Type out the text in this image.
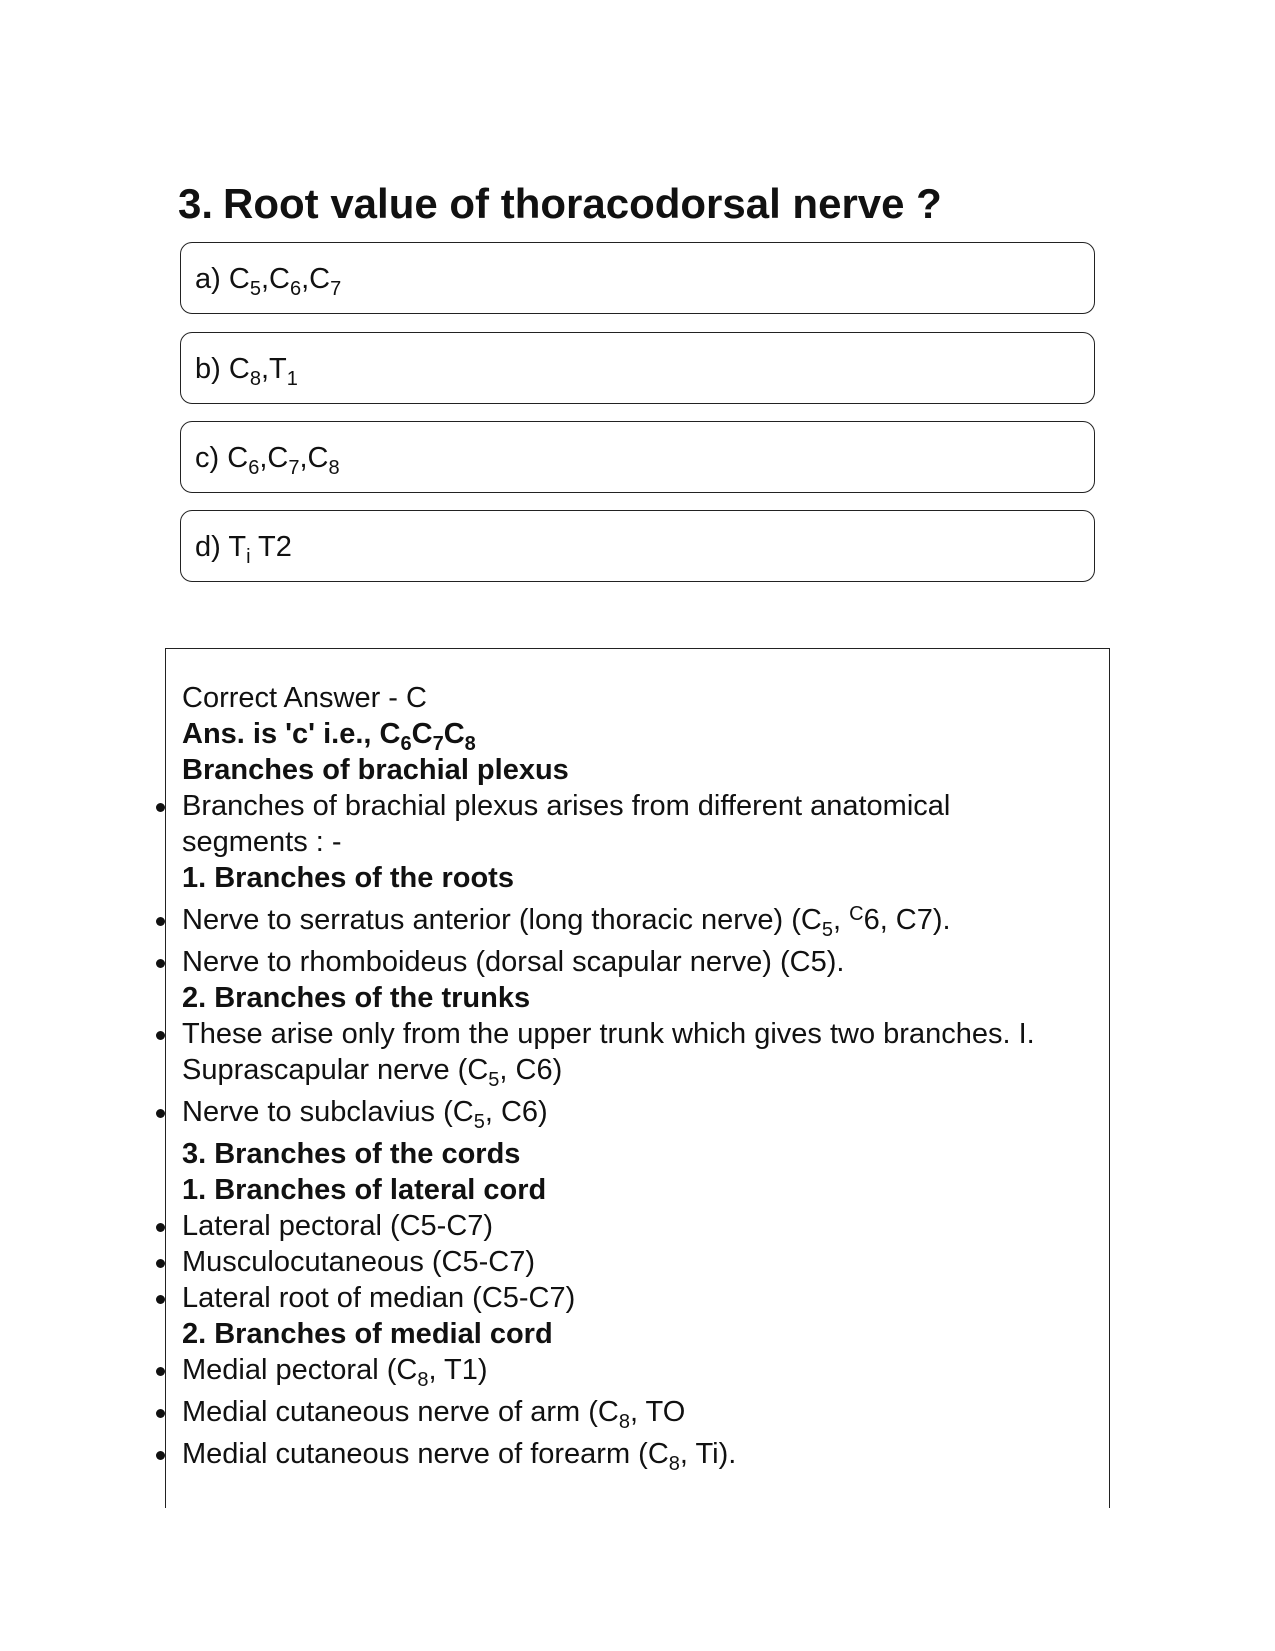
3. Root value of thoracodorsal nerve ?
a) $C_5,C_6,C_7$
b) $C_8,T_1$
c) $C_6,C_7,C_8$
d) $T_i$ T2
Correct Answer - C
Ans. is 'c' i.e., $C_6C_7C_8$
Branches of brachial plexus
Branches of brachial plexus arises from different anatomical
segments : -
1. Branches of the roots
Nerve to serratus anterior (long thoracic nerve) ($C_5$, $^C$6, C7).
Nerve to rhomboideus (dorsal scapular nerve) (C5).
2. Branches of the trunks
These arise only from the upper trunk which gives two branches. I.
Suprascapular nerve ($C_5$, C6)
Nerve to subclavius ($C_5$, C6)
3. Branches of the cords
1. Branches of lateral cord
Lateral pectoral (C5-C7)
Musculocutaneous (C5-C7)
Lateral root of median (C5-C7)
2. Branches of medial cord
Medial pectoral ($C_8$, T1)
Medial cutaneous nerve of arm ($C_8$, TO
Medial cutaneous nerve of forearm ($C_8$, Ti).
